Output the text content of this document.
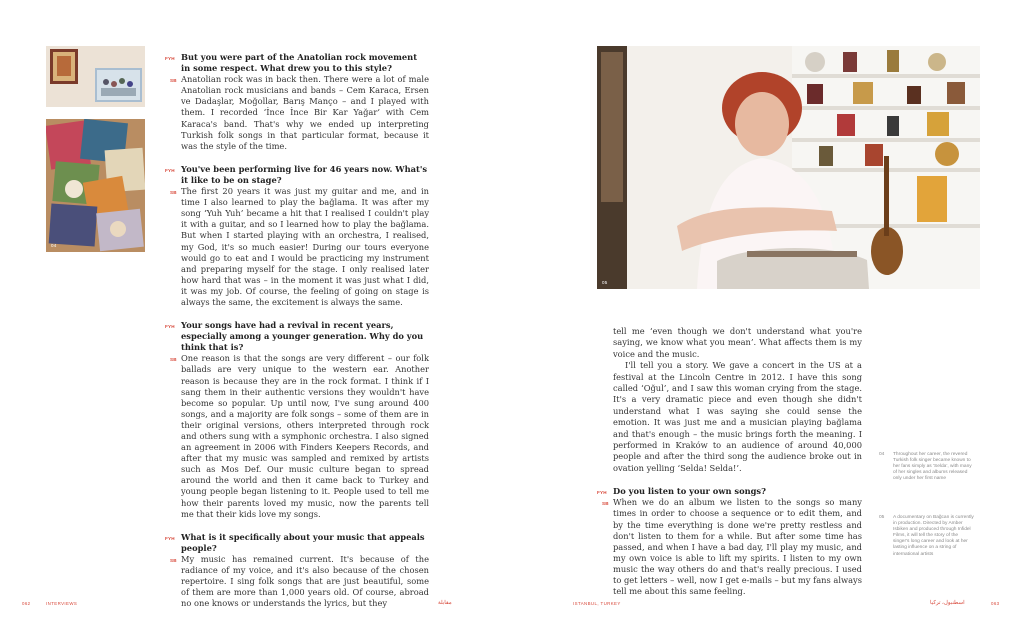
04
FYH But you were part of the Anatolian rock movement in some respect. What drew you to this style?
SB Anatolian rock was in back then. There were a lot of male Anatolian rock musicians and bands – Cem Karaca, Ersen ve Dadaşlar, Moğollar, Barış Manço – and I played with them. I recorded ‘İnce İnce Bir Kar Yağar’ with Cem Karaca's band. That's why we ended up interpreting Turkish folk songs in that particular format, because it was the style of the time.
FYH You've been performing live for 46 years now. What's it like to be on stage?
SB The first 20 years it was just my guitar and me, and in time I also learned to play the bağlama. It was after my song ‘Yuh Yuh’ became a hit that I realised I couldn't play it with a guitar, and so I learned how to play the bağlama. But when I started playing with an orchestra, I realised, my God, it's so much easier! During our tours everyone would go to eat and I would be practicing my instrument and preparing myself for the stage. I only realised later how hard that was – in the moment it was just what I did, it was my job. Of course, the feeling of going on stage is always the same, the excitement is always the same.
FYH Your songs have had a revival in recent years, especially among a younger generation. Why do you think that is?
SB One reason is that the songs are very different – our folk ballads are very unique to the western ear. Another reason is because they are in the rock format. I think if I sang them in their authentic versions they wouldn't have become so popular. Up until now, I've sung around 400 songs, and a majority are folk songs – some of them are in their original versions, others interpreted through rock and others sung with a symphonic orchestra. I also signed an agreement in 2006 with Finders Keepers Records, and after that my music was sampled and remixed by artists such as Mos Def. Our music culture began to spread around the world and then it came back to Turkey and young people began listening to it. People used to tell me how their parents loved my music, now the parents tell me that their kids love my songs.
FYH What is it specifically about your music that appeals people?
SB My music has remained current. It's because of the radiance of my voice, and it's also because of the chosen repertoire. I sing folk songs that are just beautiful, some of them are more than 1,000 years old. Of course, abroad no one knows or understands the lyrics, but they
05
tell me ‘even though we don't understand what you're saying, we know what you mean’. What affects them is my voice and the music.
I'll tell you a story. We gave a concert in the US at a festival at the Lincoln Centre in 2012. I have this song called ‘Oğul’, and I saw this woman crying from the stage. It's a very dramatic piece and even though she didn't understand what I was saying she could sense the emotion. It was just me and a musician playing bağlama and that's enough – the music brings forth the meaning. I performed in Kraków to an audience of around 40,000 people and after the third song the audience broke out in ovation yelling ‘Selda! Selda!’.
FYH Do you listen to your own songs?
SB When we do an album we listen to the songs so many times in order to choose a sequence or to edit them, and by the time everything is done we're pretty restless and don't listen to them for a while. But after some time has passed, and when I have a bad day, I'll play my music, and my own voice is able to lift my spirits. I listen to my own music the way others do and that's really precious. I used to get letters – well, now I get e-mails – but my fans always tell me about this same feeling.
04 Throughout her career, the revered Turkish folk singer became known to her fans simply as ‘Selda’, with many of her singles and albums released only under her first name
05 A documentary on Bağcan is currently in production. Directed by Amber Isbiken and produced through Infidel Films, it will tell the story of the singer's long career and look at her lasting influence on a string of international artists
062	INTERVIEWS	مقابلة	ISTANBUL, TURKEY	اسطنبول، تركيا	063
